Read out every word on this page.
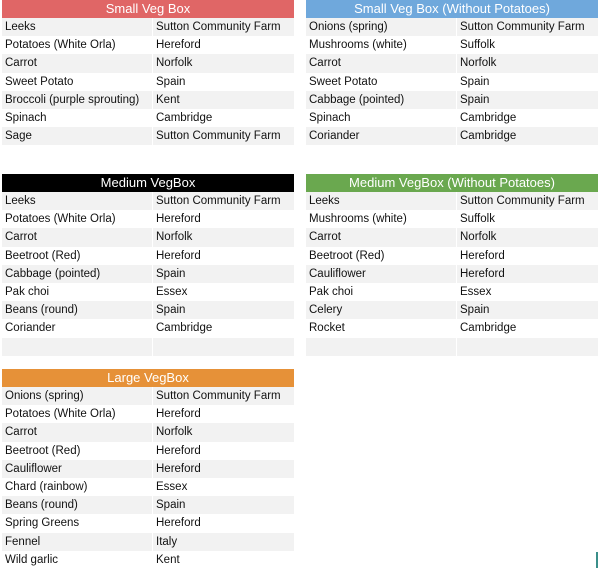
Small Veg Box
Leeks	Sutton Community Farm
Potatoes (White Orla)	Hereford
Carrot	Norfolk
Sweet Potato	Spain
Broccoli (purple sprouting)	Kent
Spinach	Cambridge
Sage	Sutton Community Farm
Small Veg Box (Without Potatoes)
Onions (spring)	Sutton Community Farm
Mushrooms (white)	Suffolk
Carrot	Norfolk
Sweet Potato	Spain
Cabbage (pointed)	Spain
Spinach	Cambridge
Coriander	Cambridge
Medium VegBox
Leeks	Sutton Community Farm
Potatoes (White Orla)	Hereford
Carrot	Norfolk
Beetroot (Red)	Hereford
Cabbage (pointed)	Spain
Pak choi	Essex
Beans (round)	Spain
Coriander	Cambridge
Medium VegBox (Without Potatoes)
Leeks	Sutton Community Farm
Mushrooms (white)	Suffolk
Carrot	Norfolk
Beetroot (Red)	Hereford
Cauliflower	Hereford
Pak choi	Essex
Celery	Spain
Rocket	Cambridge
Large VegBox
Onions (spring)	Sutton Community Farm
Potatoes (White Orla)	Hereford
Carrot	Norfolk
Beetroot (Red)	Hereford
Cauliflower	Hereford
Chard (rainbow)	Essex
Beans (round)	Spain
Spring Greens	Hereford
Fennel	Italy
Wild garlic	Kent
